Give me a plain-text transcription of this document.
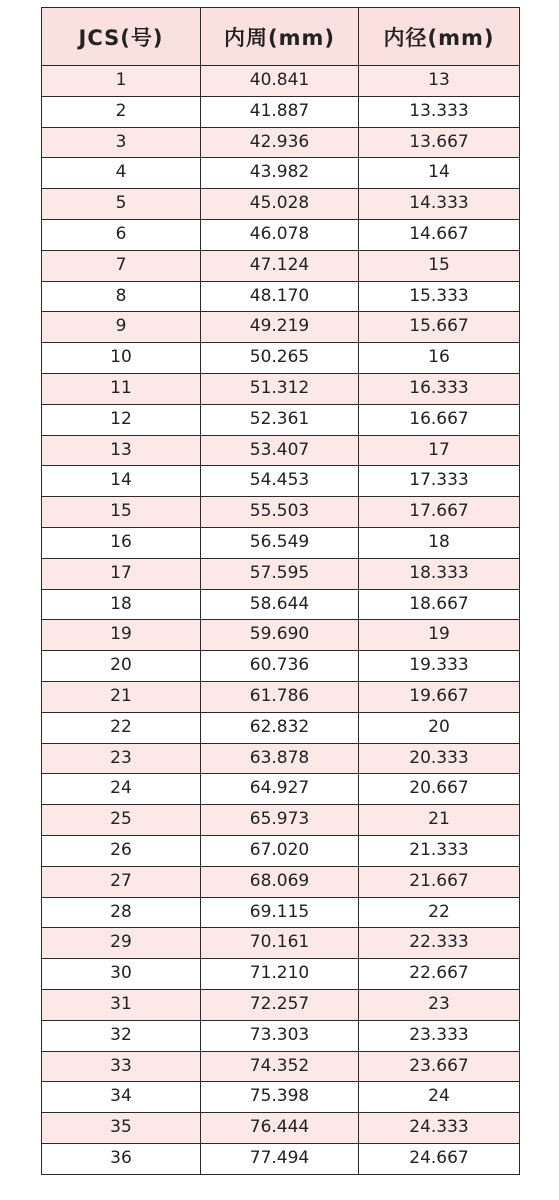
JCS(号)	内周(mm)	内径(mm)
1	40.841	13
2	41.887	13.333
3	42.936	13.667
4	43.982	14
5	45.028	14.333
6	46.078	14.667
7	47.124	15
8	48.170	15.333
9	49.219	15.667
10	50.265	16
11	51.312	16.333
12	52.361	16.667
13	53.407	17
14	54.453	17.333
15	55.503	17.667
16	56.549	18
17	57.595	18.333
18	58.644	18.667
19	59.690	19
20	60.736	19.333
21	61.786	19.667
22	62.832	20
23	63.878	20.333
24	64.927	20.667
25	65.973	21
26	67.020	21.333
27	68.069	21.667
28	69.115	22
29	70.161	22.333
30	71.210	22.667
31	72.257	23
32	73.303	23.333
33	74.352	23.667
34	75.398	24
35	76.444	24.333
36	77.494	24.667
